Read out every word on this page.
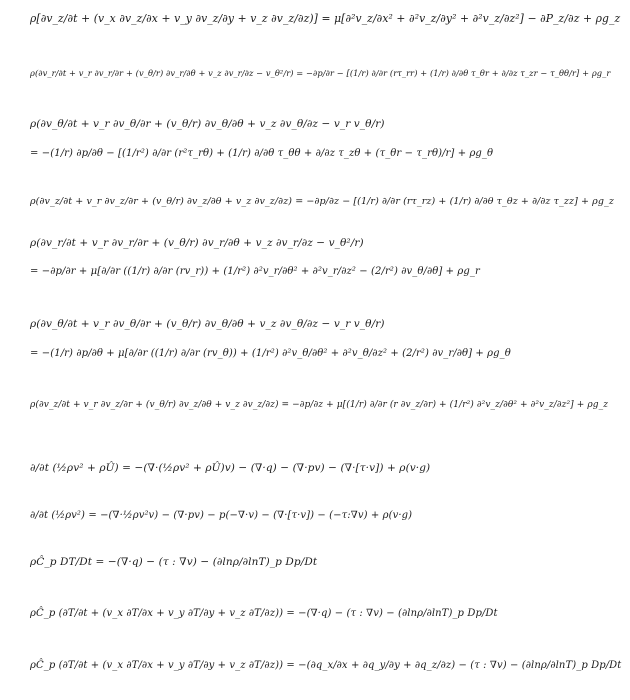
ρ[∂v_z/∂t + (v_x ∂v_z/∂x + v_y ∂v_z/∂y + v_z ∂v_z/∂z)] = μ[∂²v_z/∂x² + ∂²v_z/∂y² + ∂²v_z/∂z²] − ∂P_z/∂z + ρg_z
ρ(∂v_r/∂t + v_r ∂v_r/∂r + (v_θ/r) ∂v_r/∂θ + v_z ∂v_r/∂z − v_θ²/r) = −∂p/∂r − [(1/r) ∂/∂r (rτ_rr) + (1/r) ∂/∂θ τ_θr + ∂/∂z τ_zr − τ_θθ/r] + ρg_r
ρ(∂v_θ/∂t + v_r ∂v_θ/∂r + (v_θ/r) ∂v_θ/∂θ + v_z ∂v_θ/∂z − v_r v_θ/r)
= −(1/r) ∂p/∂θ − [(1/r²) ∂/∂r (r²τ_rθ) + (1/r) ∂/∂θ τ_θθ + ∂/∂z τ_zθ + (τ_θr − τ_rθ)/r] + ρg_θ
ρ(∂v_z/∂t + v_r ∂v_z/∂r + (v_θ/r) ∂v_z/∂θ + v_z ∂v_z/∂z) = −∂p/∂z − [(1/r) ∂/∂r (rτ_rz) + (1/r) ∂/∂θ τ_θz + ∂/∂z τ_zz] + ρg_z
ρ(∂v_r/∂t + v_r ∂v_r/∂r + (v_θ/r) ∂v_r/∂θ + v_z ∂v_r/∂z − v_θ²/r)
= −∂p/∂r + μ[∂/∂r ((1/r) ∂/∂r (rv_r)) + (1/r²) ∂²v_r/∂θ² + ∂²v_r/∂z² − (2/r²) ∂v_θ/∂θ] + ρg_r
ρ(∂v_θ/∂t + v_r ∂v_θ/∂r + (v_θ/r) ∂v_θ/∂θ + v_z ∂v_θ/∂z − v_r v_θ/r)
= −(1/r) ∂p/∂θ + μ[∂/∂r ((1/r) ∂/∂r (rv_θ)) + (1/r²) ∂²v_θ/∂θ² + ∂²v_θ/∂z² + (2/r²) ∂v_r/∂θ] + ρg_θ
ρ(∂v_z/∂t + v_r ∂v_z/∂r + (v_θ/r) ∂v_z/∂θ + v_z ∂v_z/∂z) = −∂p/∂z + μ[(1/r) ∂/∂r (r ∂v_z/∂r) + (1/r²) ∂²v_z/∂θ² + ∂²v_z/∂z²] + ρg_z
∂/∂t (½ρv² + ρÛ) = −(∇·(½ρv² + ρÛ)v) − (∇·q) − (∇·pv) − (∇·[τ·v]) + ρ(v·g)
∂/∂t (½ρv²) = −(∇·½ρv²v) − (∇·pv) − p(−∇·v) − (∇·[τ·v]) − (−τ:∇v) + ρ(v·g)
ρĈ_p DT/Dt = −(∇·q) − (τ : ∇v) − (∂lnρ/∂lnT)_p Dp/Dt
ρĈ_p (∂T/∂t + (v_x ∂T/∂x + v_y ∂T/∂y + v_z ∂T/∂z)) = −(∇·q) − (τ : ∇v) − (∂lnρ/∂lnT)_p Dp/Dt
ρĈ_p (∂T/∂t + (v_x ∂T/∂x + v_y ∂T/∂y + v_z ∂T/∂z)) = −(∂q_x/∂x + ∂q_y/∂y + ∂q_z/∂z) − (τ : ∇v) − (∂lnρ/∂lnT)_p Dp/Dt
